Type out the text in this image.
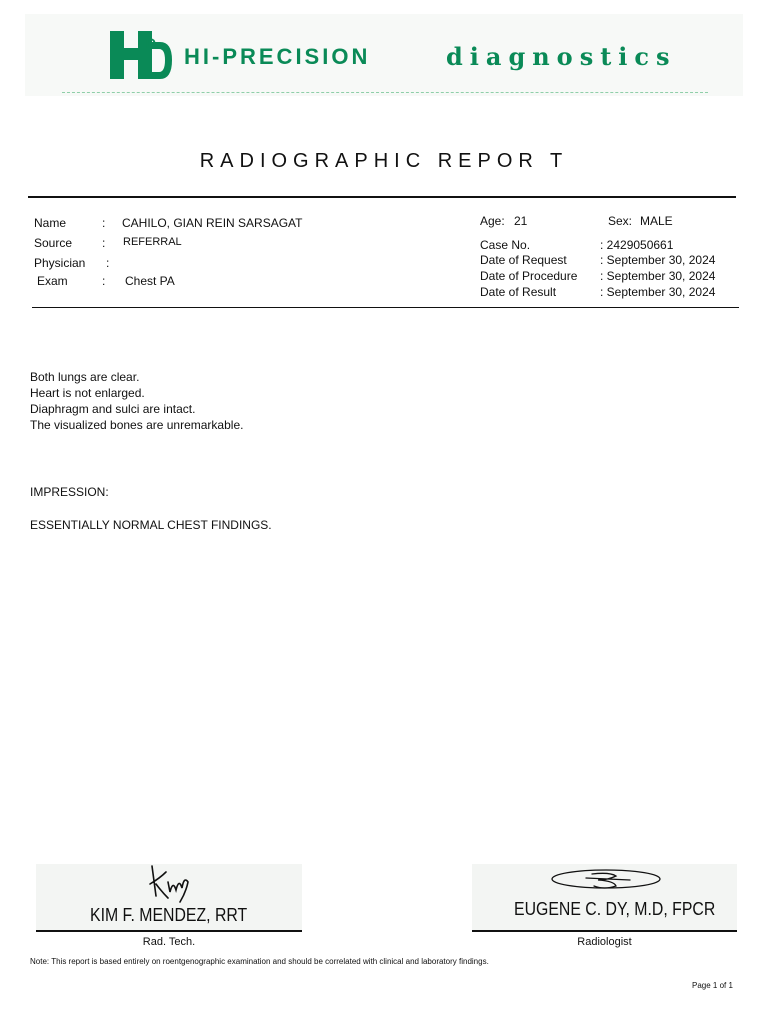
D
HI-PRECISION	diagnostics
RADIOGRAPHIC REPOR T
Name	: CAHILO, GIAN REIN SARSAGAT
Source : REFERRAL
Physician :
Exam	: Chest PA
Age: 21	Sex: MALE
Case No.	: 2429050661
Date of Request	: September 30, 2024
Date of Procedure : September 30, 2024
Date of Result	: September 30, 2024
Both lungs are clear.
Heart is not enlarged.
Diaphragm and sulci are intact.
The visualized bones are unremarkable.
IMPRESSION:
ESSENTIALLY NORMAL CHEST FINDINGS.
KIM F. MENDEZ, RRT
Rad. Tech.
EUGENE C. DY, M.D, FPCR
Radiologist
Note: This report is based entirely on roentgenographic examination and should be correlated with clinical and laboratory findings.
Page 1 of 1
